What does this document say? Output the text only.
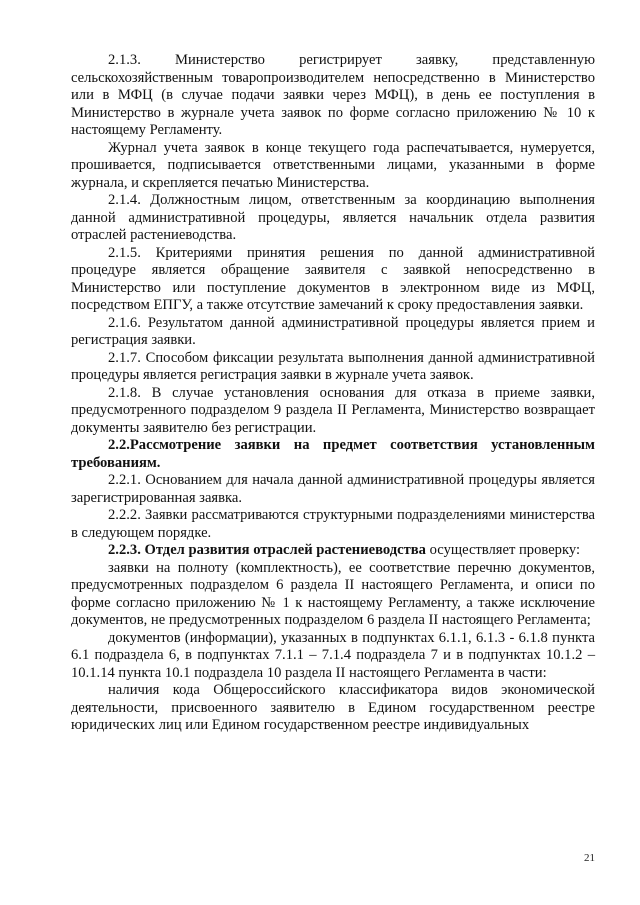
2.1.3. Министерство регистрирует заявку, представленную сельскохозяйственным товаропроизводителем непосредственно в Министерство или в МФЦ (в случае подачи заявки через МФЦ), в день ее поступления в Министерство в журнале учета заявок по форме согласно приложению № 10 к настоящему Регламенту.

Журнал учета заявок в конце текущего года распечатывается, нумеруется, прошивается, подписывается ответственными лицами, указанными в форме журнала, и скрепляется печатью Министерства.

2.1.4. Должностным лицом, ответственным за координацию выполнения данной административной процедуры, является начальник отдела развития отраслей растениеводства.

2.1.5. Критериями принятия решения по данной административной процедуре является обращение заявителя с заявкой непосредственно в Министерство или поступление документов в электронном виде из МФЦ, посредством ЕПГУ, а также отсутствие замечаний к сроку предоставления заявки.

2.1.6. Результатом данной административной процедуры является прием и регистрация заявки.

2.1.7. Способом фиксации результата выполнения данной административной процедуры является регистрация заявки в журнале учета заявок.

2.1.8. В случае установления основания для отказа в приеме заявки, предусмотренного подразделом 9 раздела II Регламента, Министерство возвращает документы заявителю без регистрации.

2.2.Рассмотрение заявки на предмет соответствия установленным требованиям.

2.2.1. Основанием для начала данной административной процедуры является зарегистрированная заявка.

2.2.2. Заявки рассматриваются структурными подразделениями министерства в следующем порядке.

2.2.3. Отдел развития отраслей растениеводства осуществляет проверку:

заявки на полноту (комплектность), ее соответствие перечню документов, предусмотренных подразделом 6 раздела II настоящего Регламента, и описи по форме согласно приложению № 1 к настоящему Регламенту, а также исключение документов, не предусмотренных подразделом 6 раздела II настоящего Регламента;

документов (информации), указанных в подпунктах 6.1.1, 6.1.3 - 6.1.8 пункта 6.1 подраздела 6, в подпунктах 7.1.1 – 7.1.4 подраздела 7 и в подпунктах 10.1.2 – 10.1.14 пункта 10.1 подраздела 10 раздела II настоящего Регламента в части:

наличия кода Общероссийского классификатора видов экономической деятельности, присвоенного заявителю в Едином государственном реестре юридических лиц или Едином государственном реестре индивидуальных

21
